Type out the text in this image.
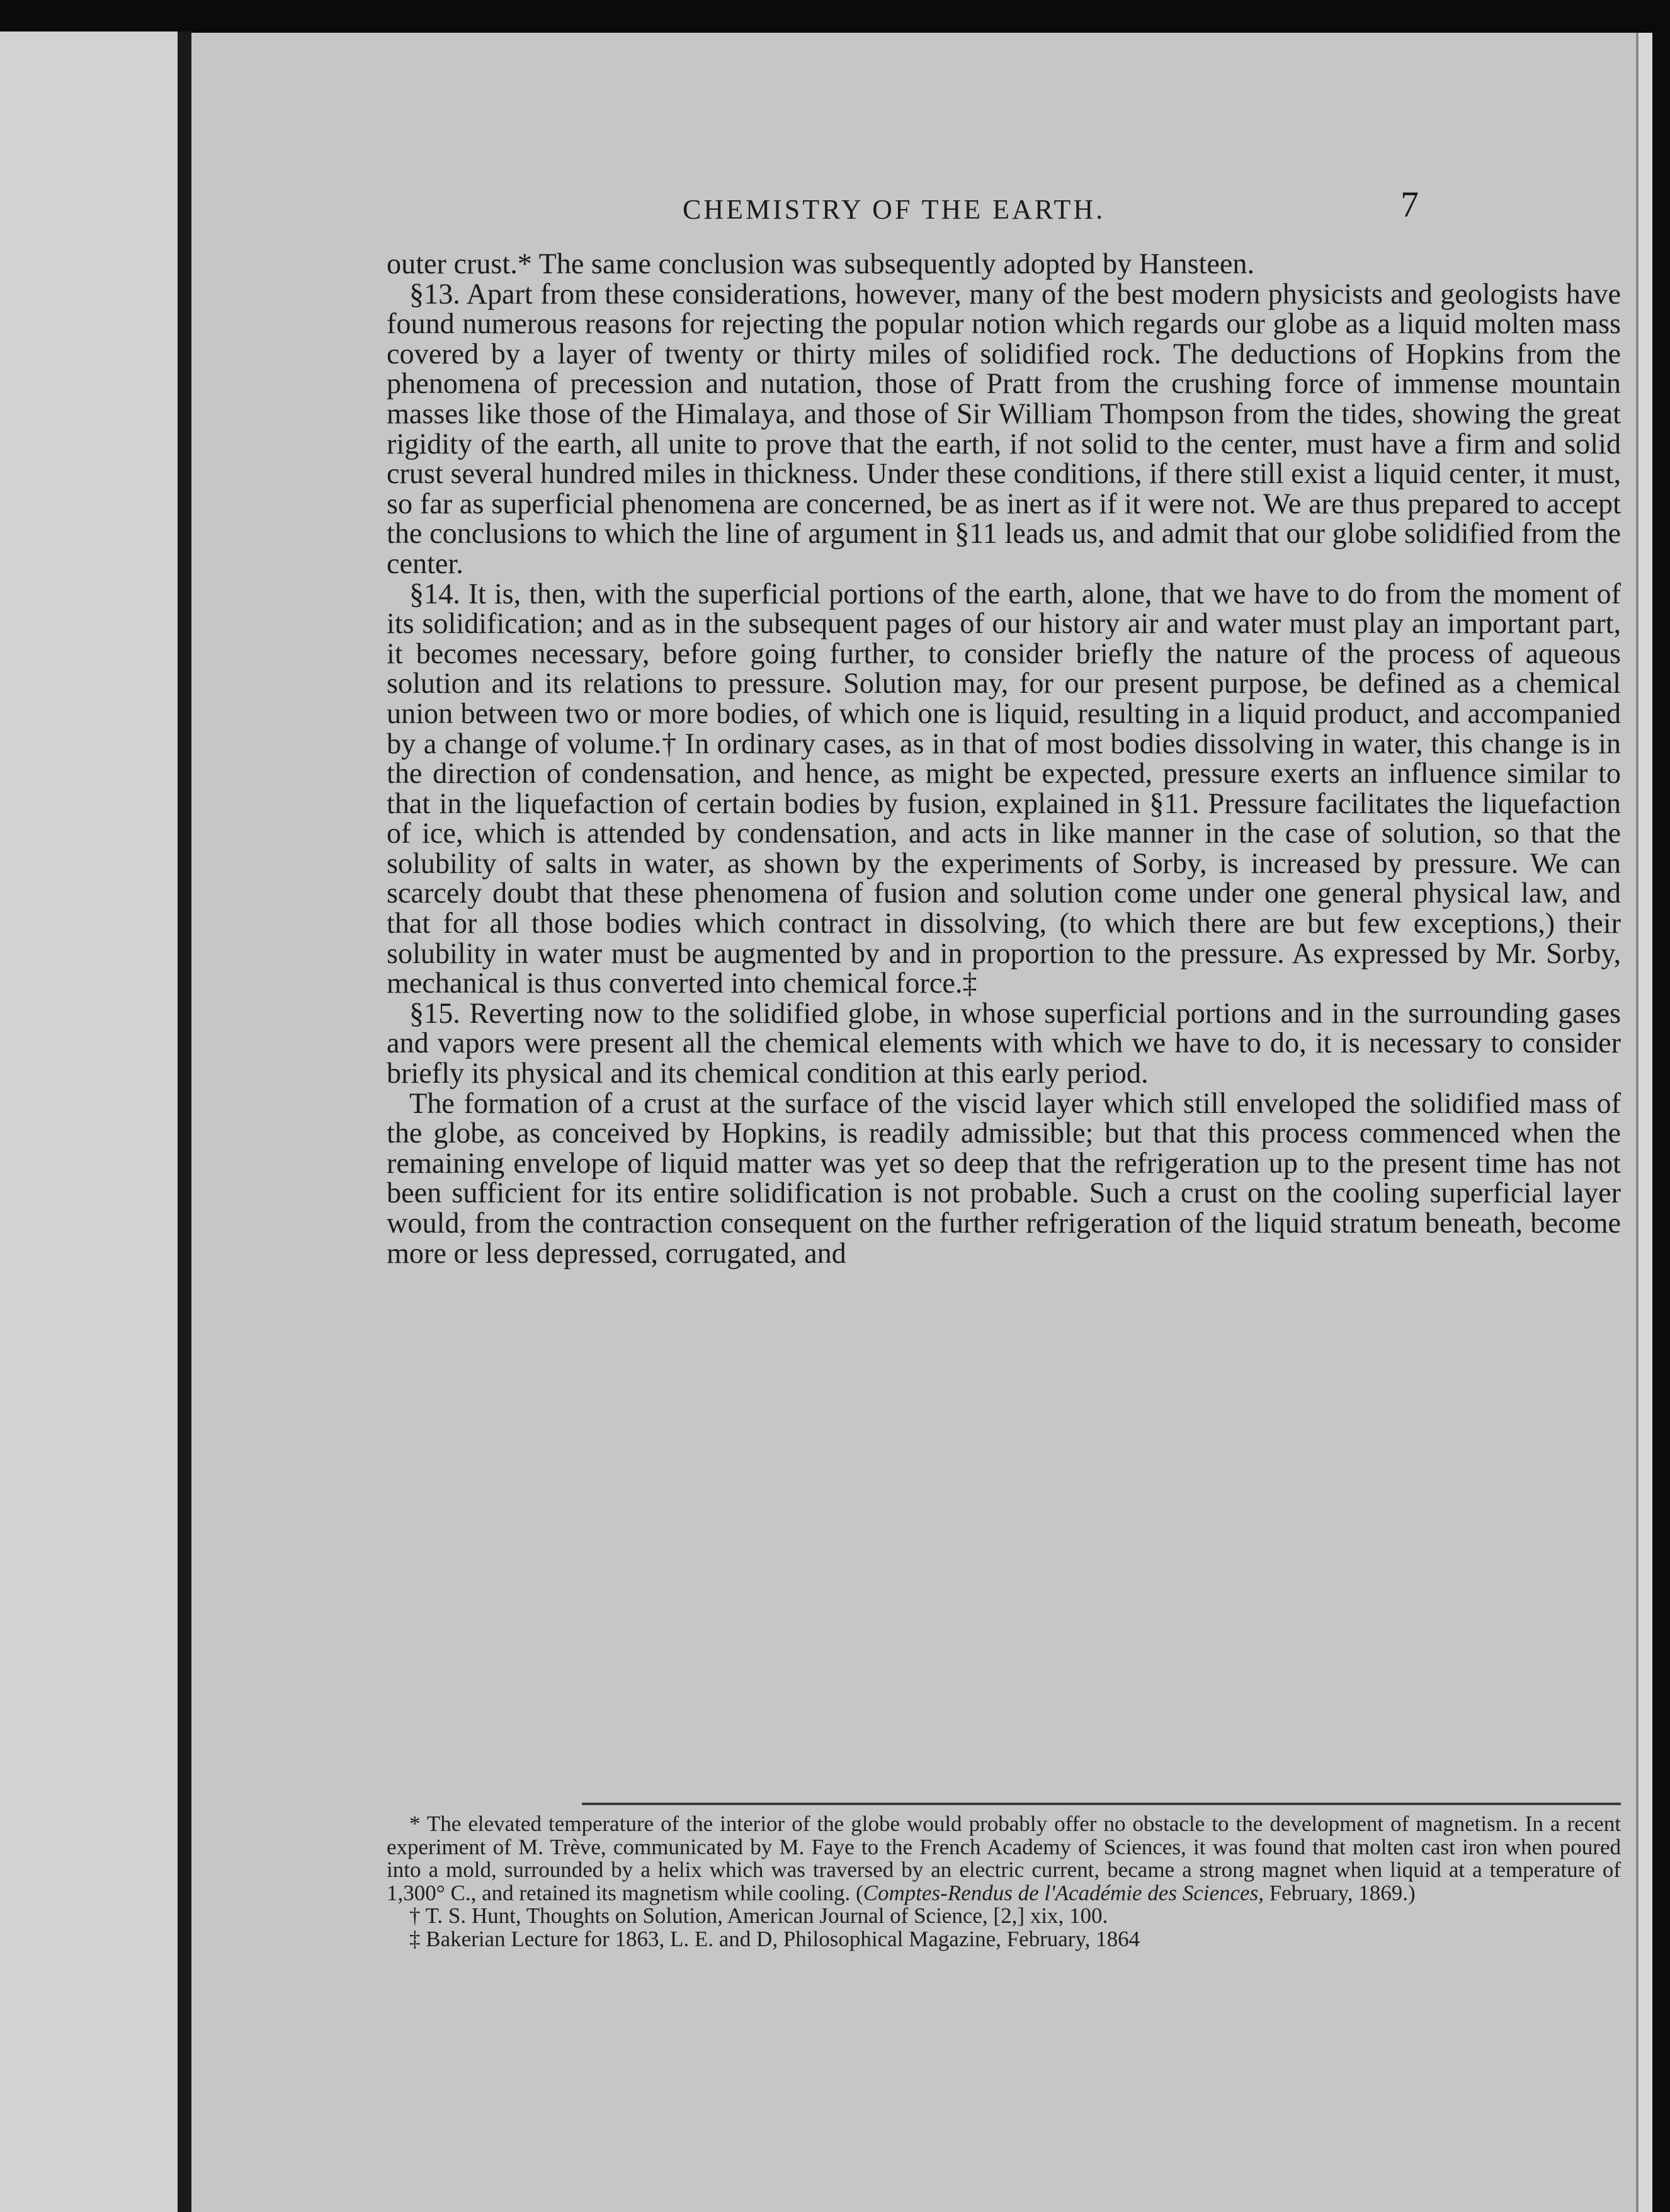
CHEMISTRY OF THE EARTH.	7

outer crust.* The same conclusion was subsequently adopted by Hansteen.

§13. Apart from these considerations, however, many of the best modern physicists and geologists have found numerous reasons for rejecting the popular notion which regards our globe as a liquid molten mass covered by a layer of twenty or thirty miles of solidified rock. The deductions of Hopkins from the phenomena of precession and nutation, those of Pratt from the crushing force of immense mountain masses like those of the Himalaya, and those of Sir William Thompson from the tides, showing the great rigidity of the earth, all unite to prove that the earth, if not solid to the center, must have a firm and solid crust several hundred miles in thickness. Under these conditions, if there still exist a liquid center, it must, so far as superficial phenomena are concerned, be as inert as if it were not. We are thus prepared to accept the conclusions to which the line of argument in §11 leads us, and admit that our globe solidified from the center.

§14. It is, then, with the superficial portions of the earth, alone, that we have to do from the moment of its solidification; and as in the subsequent pages of our history air and water must play an important part, it becomes necessary, before going further, to consider briefly the nature of the process of aqueous solution and its relations to pressure. Solution may, for our present purpose, be defined as a chemical union between two or more bodies, of which one is liquid, resulting in a liquid product, and accompanied by a change of volume.† In ordinary cases, as in that of most bodies dissolving in water, this change is in the direction of condensation, and hence, as might be expected, pressure exerts an influence similar to that in the liquefaction of certain bodies by fusion, explained in §11. Pressure facilitates the liquefaction of ice, which is attended by condensation, and acts in like manner in the case of solution, so that the solubility of salts in water, as shown by the experiments of Sorby, is increased by pressure. We can scarcely doubt that these phenomena of fusion and solution come under one general physical law, and that for all those bodies which contract in dissolving, (to which there are but few exceptions,) their solubility in water must be augmented by and in proportion to the pressure. As expressed by Mr. Sorby, mechanical is thus converted into chemical force.‡

§15. Reverting now to the solidified globe, in whose superficial portions and in the surrounding gases and vapors were present all the chemical elements with which we have to do, it is necessary to consider briefly its physical and its chemical condition at this early period.

The formation of a crust at the surface of the viscid layer which still enveloped the solidified mass of the globe, as conceived by Hopkins, is readily admissible; but that this process commenced when the remaining envelope of liquid matter was yet so deep that the refrigeration up to the present time has not been sufficient for its entire solidification is not probable. Such a crust on the cooling superficial layer would, from the contraction consequent on the further refrigeration of the liquid stratum beneath, become more or less depressed, corrugated, and

* The elevated temperature of the interior of the globe would probably offer no obstacle to the development of magnetism. In a recent experiment of M. Trève, communicated by M. Faye to the French Academy of Sciences, it was found that molten cast iron when poured into a mold, surrounded by a helix which was traversed by an electric current, became a strong magnet when liquid at a temperature of 1,300° C., and retained its magnetism while cooling. (Comptes-Rendus de l'Académie des Sciences, February, 1869.)

† T. S. Hunt, Thoughts on Solution, American Journal of Science, [2,] xix, 100.

‡ Bakerian Lecture for 1863, L. E. and D, Philosophical Magazine, February, 1864
